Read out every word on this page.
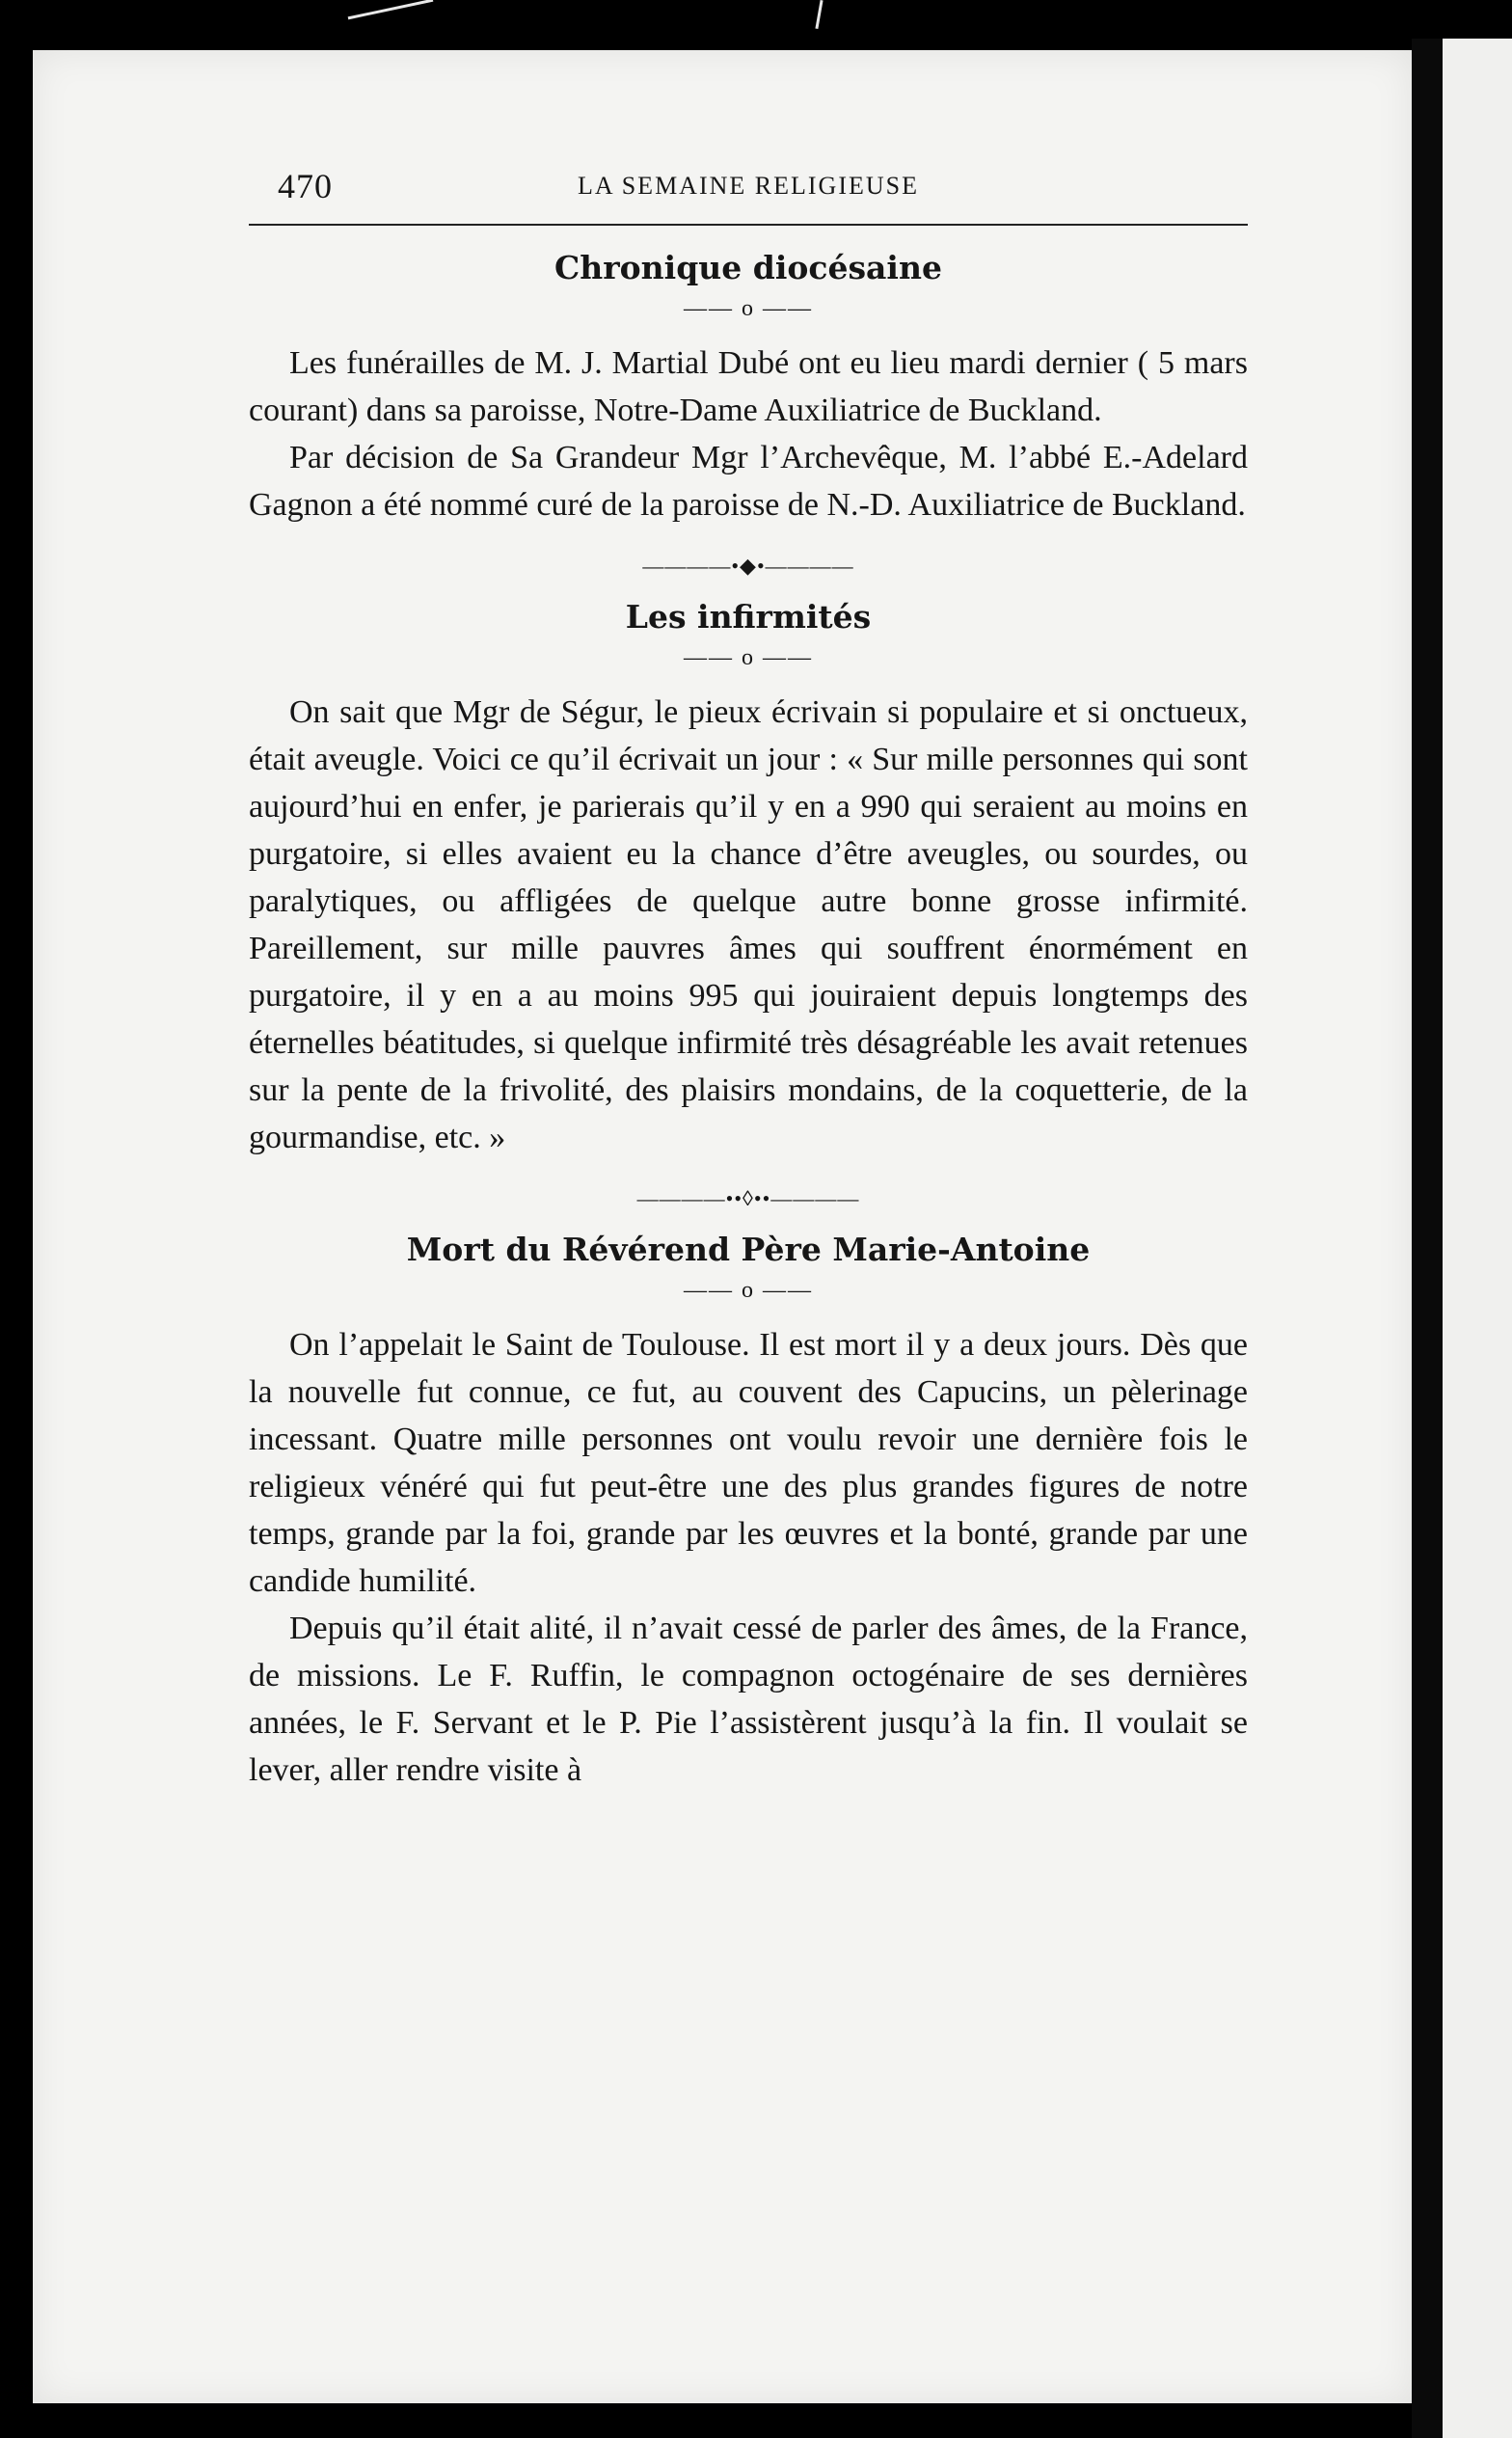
470	LA SEMAINE RELIGIEUSE
Chronique diocésaine
—— o ——

Les funérailles de M. J. Martial Dubé ont eu lieu mardi dernier ( 5 mars courant) dans sa paroisse, Notre-Dame Auxiliatrice de Buckland.

Par décision de Sa Grandeur Mgr l’Archevêque, M. l’abbé E.-Adelard Gagnon a été nommé curé de la paroisse de N.-D. Auxiliatrice de Buckland.

————•◆•————
Les infirmités
—— o ——

On sait que Mgr de Ségur, le pieux écrivain si populaire et si onctueux, était aveugle. Voici ce qu’il écrivait un jour : « Sur mille personnes qui sont aujourd’hui en enfer, je parierais qu’il y en a 990 qui seraient au moins en purgatoire, si elles avaient eu la chance d’être aveugles, ou sourdes, ou paralytiques, ou affligées de quelque autre bonne grosse infirmité. Pareillement, sur mille pauvres âmes qui souffrent énormément en purgatoire, il y en a au moins 995 qui jouiraient depuis longtemps des éternelles béatitudes, si quelque infirmité très désagréable les avait retenues sur la pente de la frivolité, des plaisirs mondains, de la coquetterie, de la gourmandise, etc. »

————••◊••————
Mort du Révérend Père Marie-Antoine
—— o ——

On l’appelait le Saint de Toulouse. Il est mort il y a deux jours. Dès que la nouvelle fut connue, ce fut, au couvent des Capucins, un pèlerinage incessant. Quatre mille personnes ont voulu revoir une dernière fois le religieux vénéré qui fut peut-être une des plus grandes figures de notre temps, grande par la foi, grande par les œuvres et la bonté, grande par une candide humilité.

Depuis qu’il était alité, il n’avait cessé de parler des âmes, de la France, de missions. Le F. Ruffin, le compagnon octogénaire de ses dernières années, le F. Servant et le P. Pie l’assistèrent jusqu’à la fin. Il voulait se lever, aller rendre visite à
